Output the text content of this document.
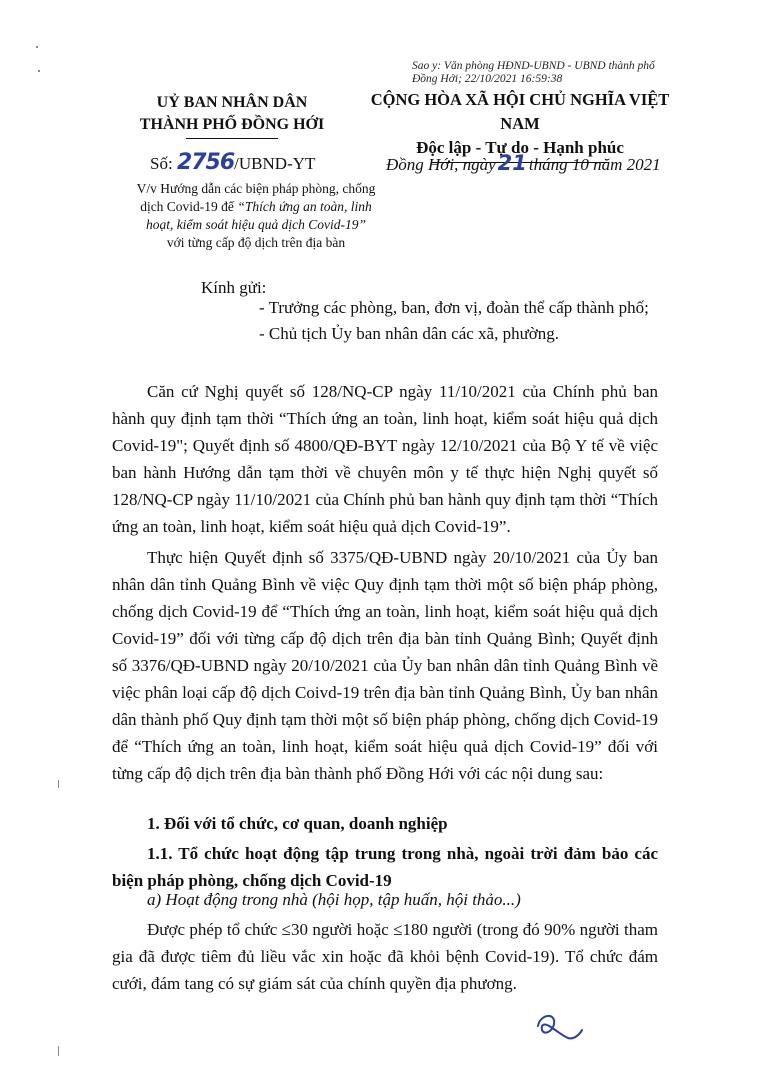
Sao y: Văn phòng HĐND-UBND - UBND thành phố
Đồng Hới; 22/10/2021 16:59:38
UỶ BAN NHÂN DÂN
THÀNH PHỐ ĐỒNG HỚI
CỘNG HÒA XÃ HỘI CHỦ NGHĨA VIỆT NAM
Độc lập - Tự do - Hạnh phúc
Số: 2756/UBND-YT	Đồng Hới, ngày21 tháng 10 năm 2021
V/v Hướng dẫn các biện pháp phòng, chống
dịch Covid-19 để “Thích ứng an toàn, linh
hoạt, kiểm soát hiệu quả dịch Covid-19”
với từng cấp độ dịch trên địa bàn
Kính gửi:
- Trưởng các phòng, ban, đơn vị, đoàn thể cấp thành phố;
- Chủ tịch Ủy ban nhân dân các xã, phường.
Căn cứ Nghị quyết số 128/NQ-CP ngày 11/10/2021 của Chính phủ ban hành quy định tạm thời “Thích ứng an toàn, linh hoạt, kiểm soát hiệu quả dịch Covid-19"; Quyết định số 4800/QĐ-BYT ngày 12/10/2021 của Bộ Y tế về việc ban hành Hướng dẫn tạm thời về chuyên môn y tế thực hiện Nghị quyết số 128/NQ-CP ngày 11/10/2021 của Chính phủ ban hành quy định tạm thời “Thích ứng an toàn, linh hoạt, kiểm soát hiệu quả dịch Covid-19”.
Thực hiện Quyết định số 3375/QĐ-UBND ngày 20/10/2021 của Ủy ban nhân dân tỉnh Quảng Bình về việc Quy định tạm thời một số biện pháp phòng, chống dịch Covid-19 để “Thích ứng an toàn, linh hoạt, kiểm soát hiệu quả dịch Covid-19” đối với từng cấp độ dịch trên địa bàn tỉnh Quảng Bình; Quyết định số 3376/QĐ-UBND ngày 20/10/2021 của Ủy ban nhân dân tỉnh Quảng Bình về việc phân loại cấp độ dịch Coivd-19 trên địa bàn tỉnh Quảng Bình, Ủy ban nhân dân thành phố Quy định tạm thời một số biện pháp phòng, chống dịch Covid-19 để “Thích ứng an toàn, linh hoạt, kiểm soát hiệu quả dịch Covid-19” đối với từng cấp độ dịch trên địa bàn thành phố Đồng Hới với các nội dung sau:
1. Đối với tổ chức, cơ quan, doanh nghiệp
1.1. Tổ chức hoạt động tập trung trong nhà, ngoài trời đảm bảo các biện pháp phòng, chống dịch Covid-19
a) Hoạt động trong nhà (hội họp, tập huấn, hội thảo...)
Được phép tổ chức ≤30 người hoặc ≤180 người (trong đó 90% người tham gia đã được tiêm đủ liều vắc xin hoặc đã khỏi bệnh Covid-19). Tổ chức đám cưới, đám tang có sự giám sát của chính quyền địa phương.
